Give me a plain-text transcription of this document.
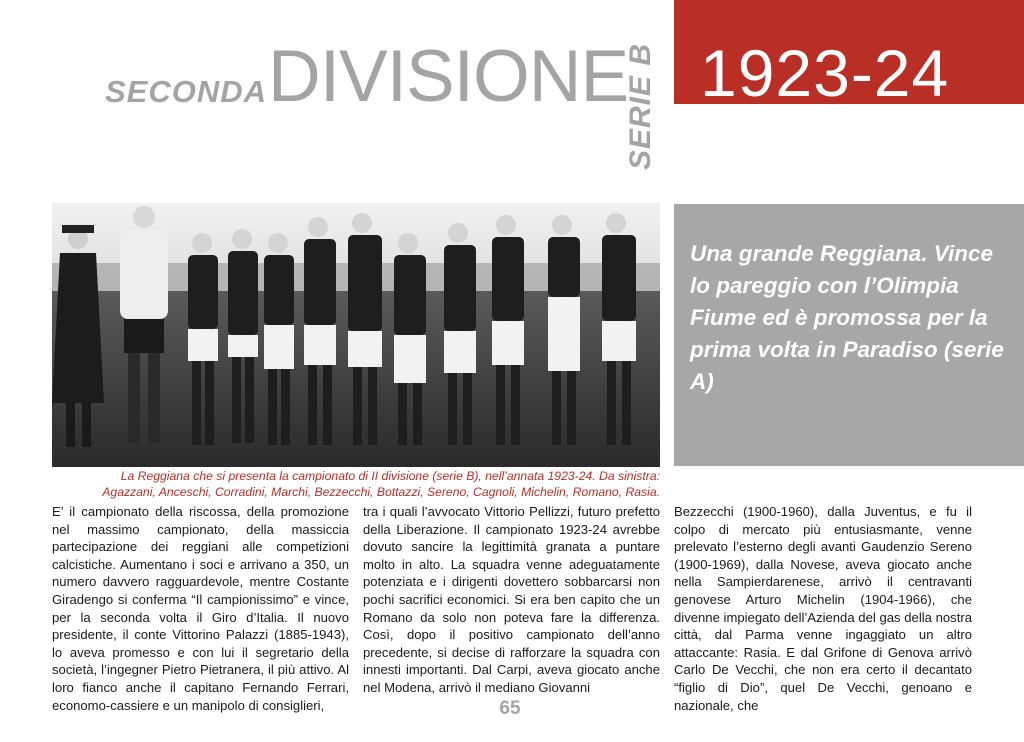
SECONDA DIVISIONE
SERIE B 1923-24

Una grande Reggiana. Vince lo pareggio con l’Olimpia Fiume ed è promossa per la prima volta in Paradiso (serie A)

La Reggiana che si presenta la campionato di II divisione (serie B), nell’annata 1923-24. Da sinistra:
Agazzani, Anceschi, Corradini, Marchi, Bezzecchi, Bottazzi, Sereno, Cagnoli, Michelin, Romano, Rasia.

E’ il campionato della riscossa, della promozione nel massimo campionato, della massiccia partecipazione dei reggiani alle competizioni calcistiche. Aumentano i soci e arrivano a 350, un numero davvero ragguardevole, mentre Costante Giradengo si conferma “Il campionissimo” e vince, per la seconda volta il Giro d’Italia. Il nuovo presidente, il conte Vittorino Palazzi (1885-1943), lo aveva promesso e con lui il segretario della società, l’ingegner Pietro Pietranera, il più attivo. Al loro fianco anche il capitano Fernando Ferrari, economo-cassiere e un manipolo di consiglieri,

tra i quali l’avvocato Vittorio Pellizzi, futuro prefetto della Liberazione. Il campionato 1923-24 avrebbe dovuto sancire la legittimità granata a puntare molto in alto. La squadra venne adeguatamente potenziata e i dirigenti dovettero sobbarcarsi non pochi sacrifici economici. Si era ben capito che un Romano da solo non poteva fare la differenza. Così, dopo il positivo campionato dell’anno precedente, si decise di rafforzare la squadra con innesti importanti. Dal Carpi, aveva giocato anche nel Modena, arrivò il mediano Giovanni

Bezzecchi (1900-1960), dalla Juventus, e fu il colpo di mercato più entusiasmante, venne prelevato l’esterno degli avanti Gaudenzio Sereno (1900-1969), dalla Novese, aveva giocato anche nella Sampierdarenese, arrivò il centravanti genovese Arturo Michelin (1904-1966), che divenne impiegato dell’Azienda del gas della nostra città, dal Parma venne ingaggiato un altro attaccante: Rasia. E dal Grifone di Genova arrivò Carlo De Vecchi, che non era certo il decantato “figlio di Dio”, quel De Vecchi, genoano e nazionale, che

65
